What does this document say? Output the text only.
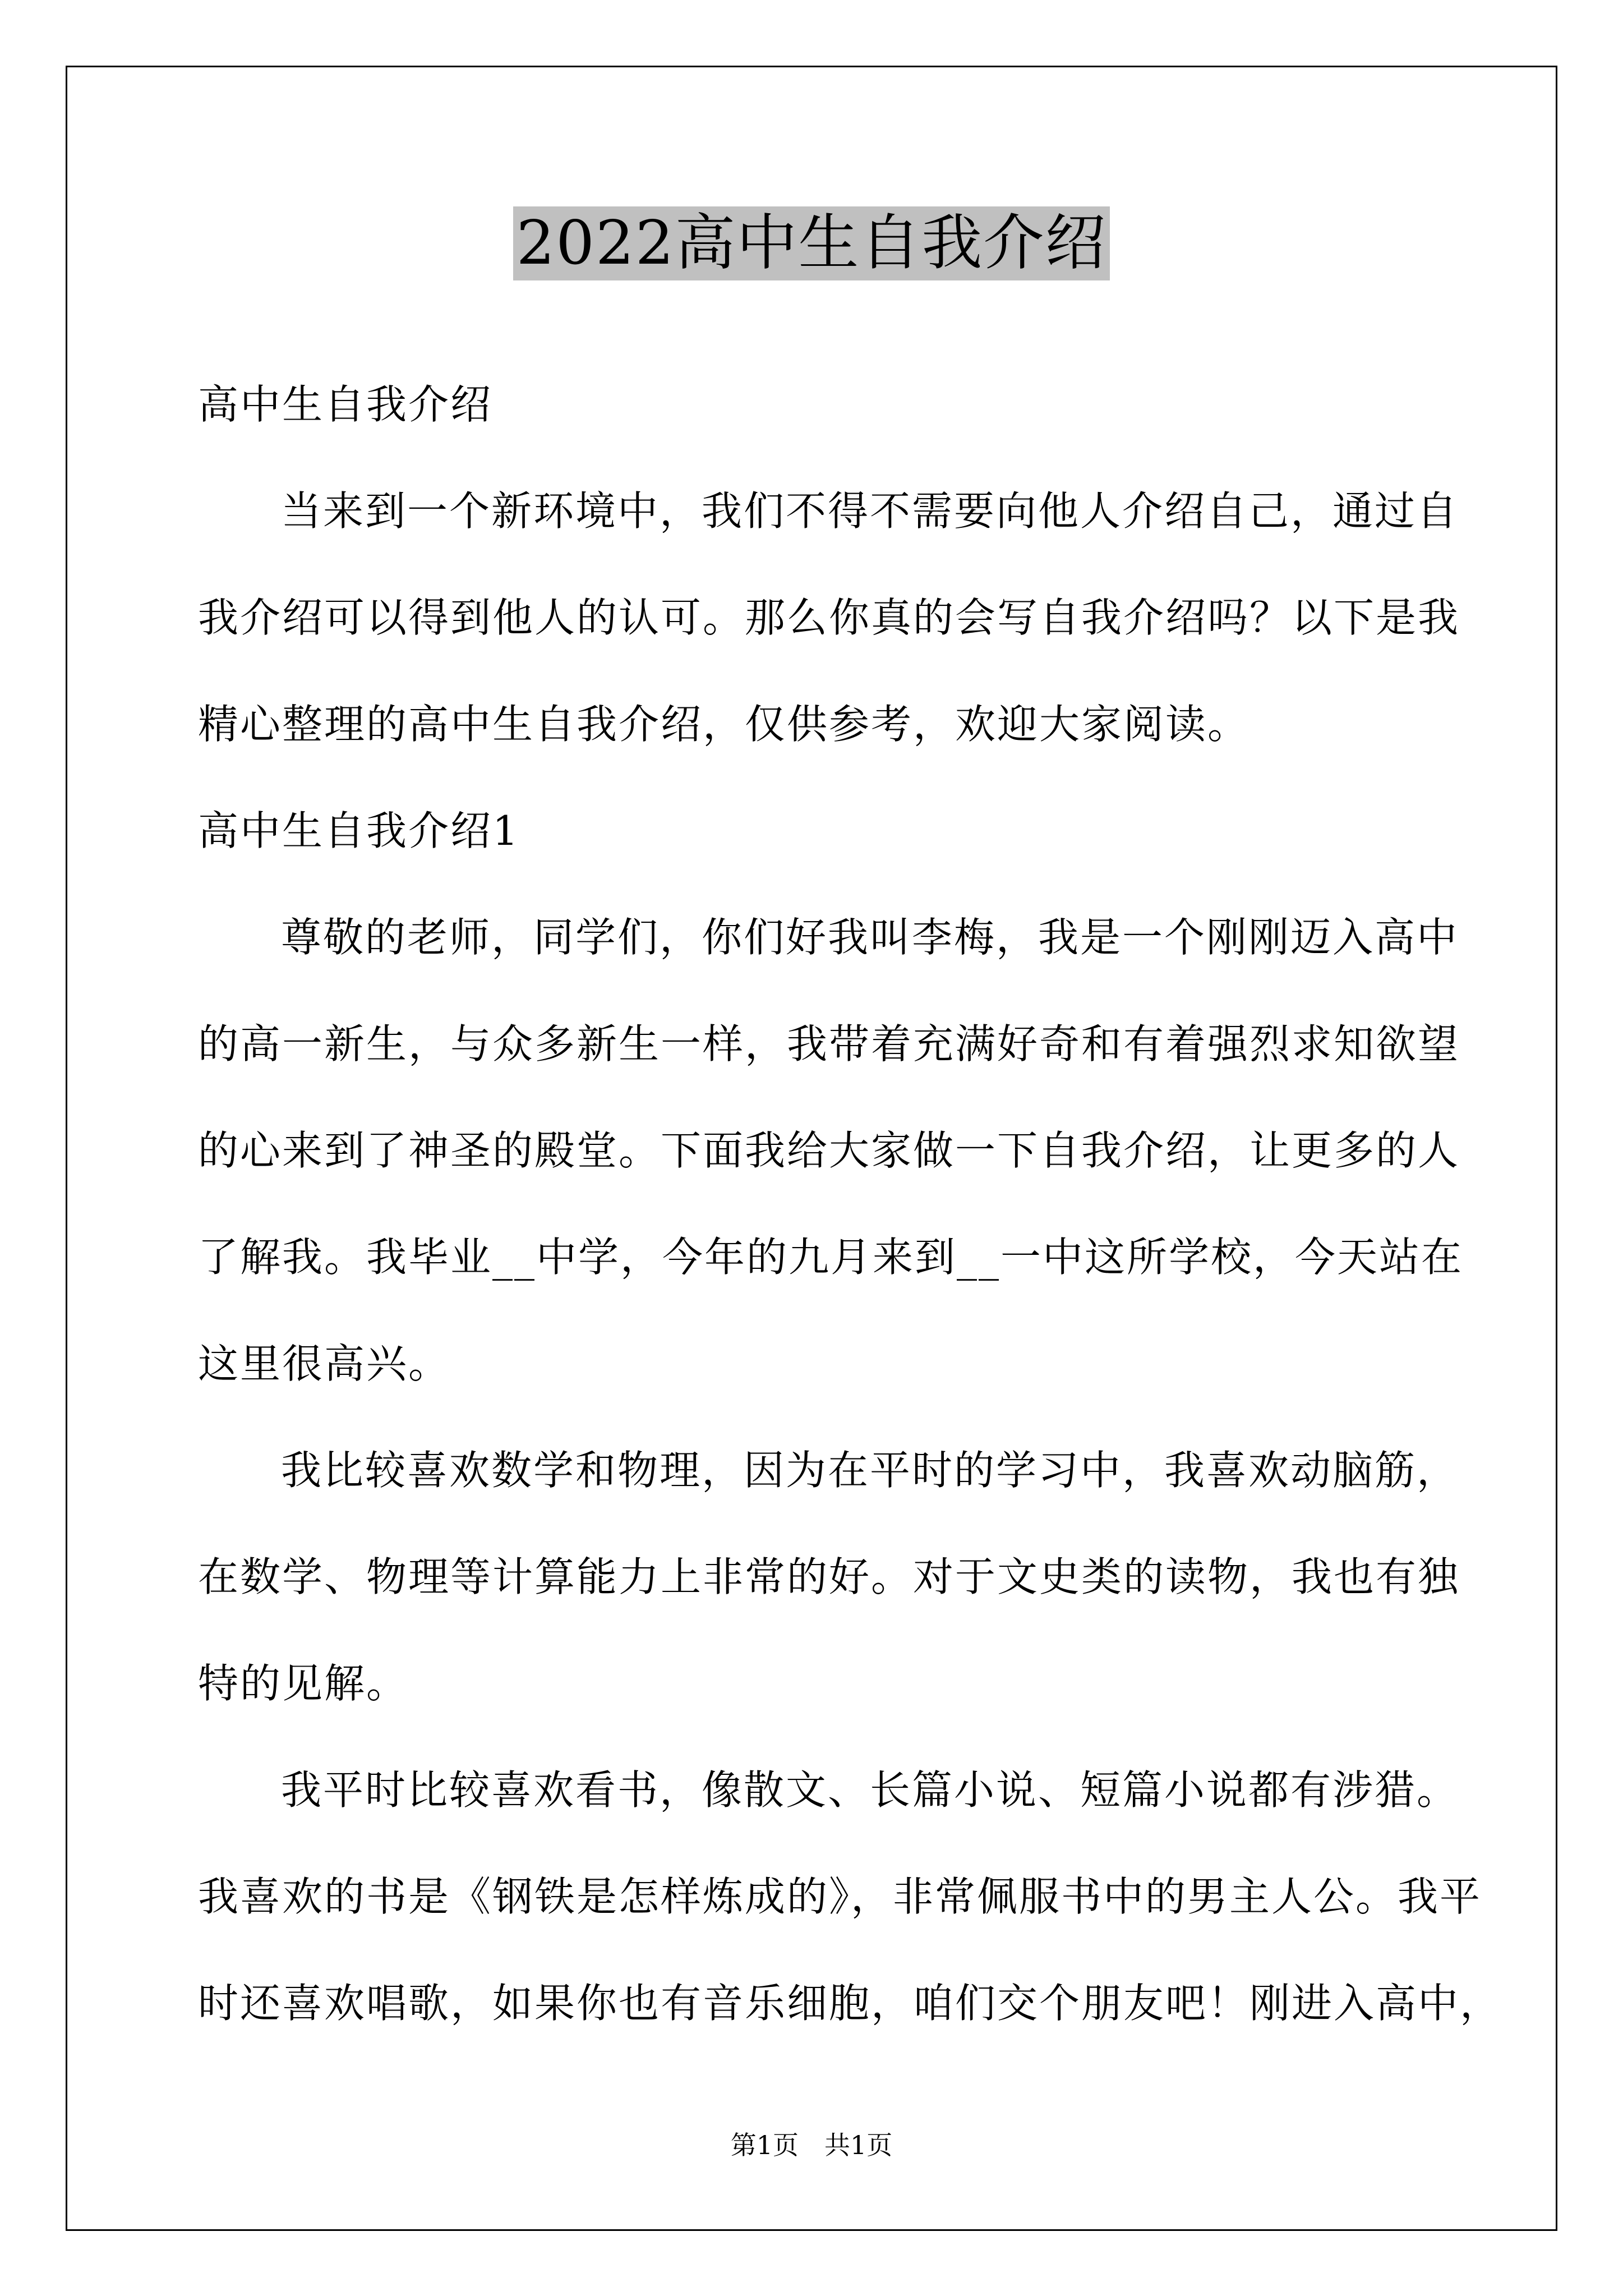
2022高中生自我介绍
高中生自我介绍
当来到一个新环境中，我们不得不需要向他人介绍自己，通过自
我介绍可以得到他人的认可。那么你真的会写自我介绍吗？以下是我
精心整理的高中生自我介绍，仅供参考，欢迎大家阅读。
高中生自我介绍1
尊敬的老师，同学们，你们好我叫李梅，我是一个刚刚迈入高中
的高一新生，与众多新生一样，我带着充满好奇和有着强烈求知欲望
的心来到了神圣的殿堂。下面我给大家做一下自我介绍，让更多的人
了解我。我毕业__中学，今年的九月来到__一中这所学校，今天站在
这里很高兴。
我比较喜欢数学和物理，因为在平时的学习中，我喜欢动脑筋，
在数学、物理等计算能力上非常的好。对于文史类的读物，我也有独
特的见解。
我平时比较喜欢看书，像散文、长篇小说、短篇小说都有涉猎。
我喜欢的书是《钢铁是怎样炼成的》，非常佩服书中的男主人公。我平
时还喜欢唱歌，如果你也有音乐细胞，咱们交个朋友吧！刚进入高中，
第1页 共1页
